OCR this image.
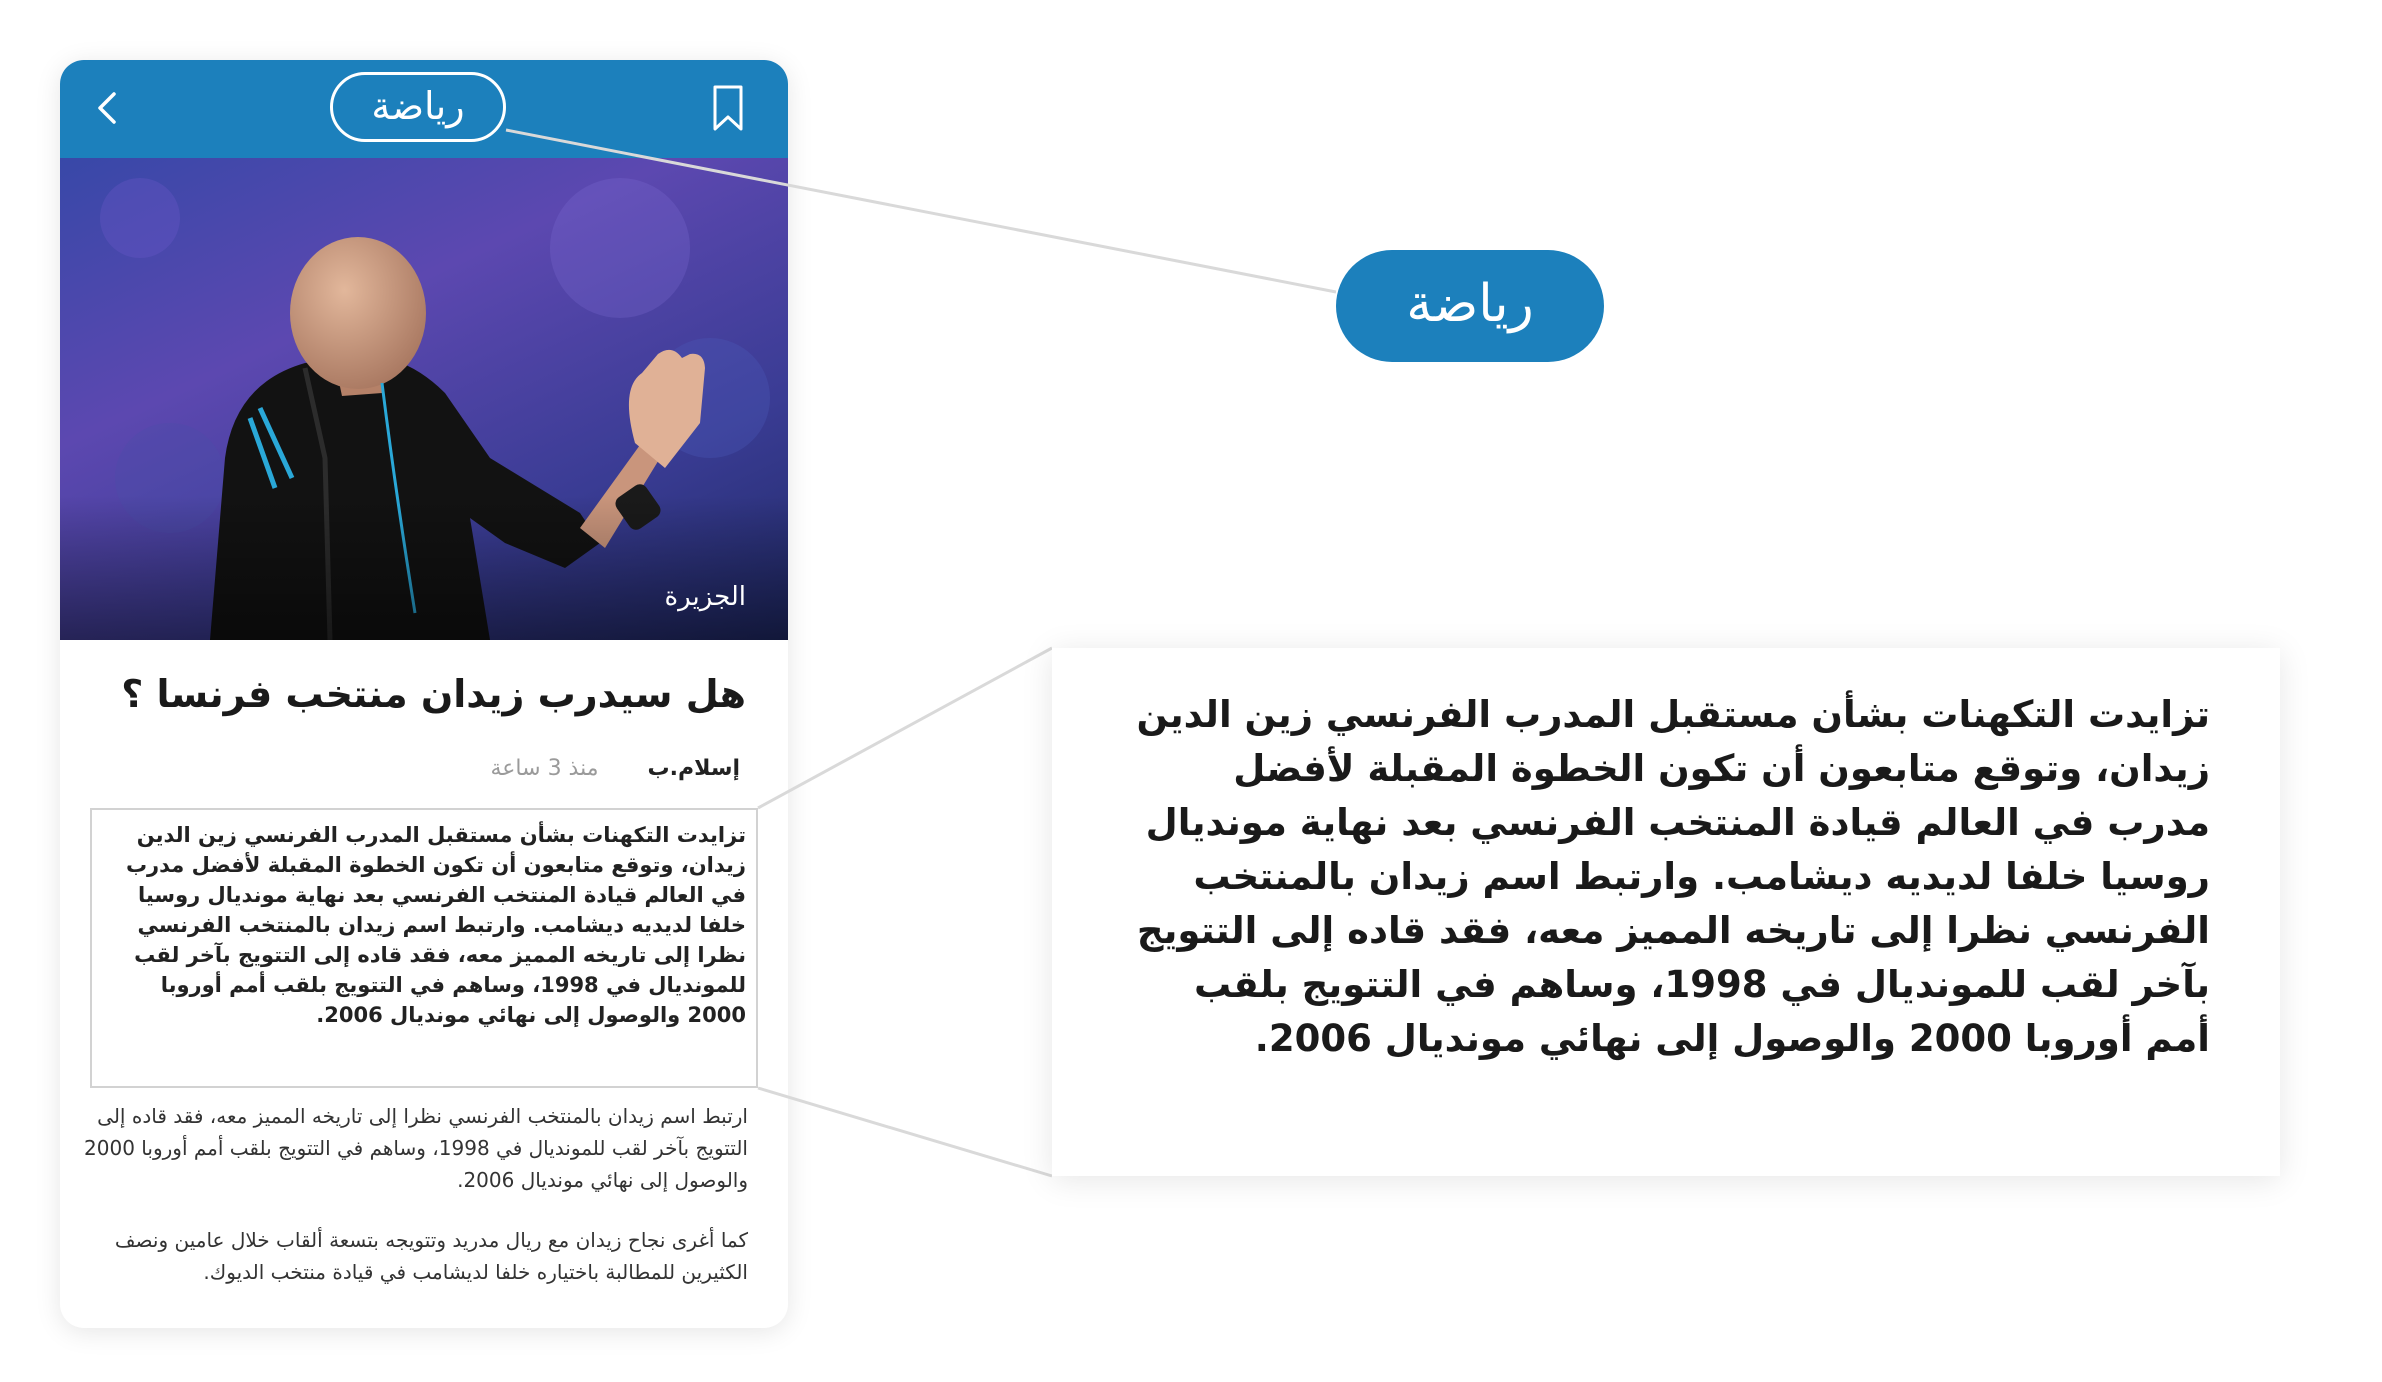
رياضة
الجزيرة
هل سيدرب زيدان منتخب فرنسا ؟
إسلام.ب منذ 3 ساعة

تزايدت التكهنات بشأن مستقبل المدرب الفرنسي زين الدين زيدان، وتوقع متابعون أن تكون الخطوة المقبلة لأفضل مدرب في العالم قيادة المنتخب الفرنسي بعد نهاية مونديال روسيا خلفا لديديه ديشامب. وارتبط اسم زيدان بالمنتخب الفرنسي نظرا إلى تاريخه المميز معه، فقد قاده إلى التتويج بآخر لقب للمونديال في 1998، وساهم في التتويج بلقب أمم أوروبا 2000 والوصول إلى نهائي مونديال 2006.

ارتبط اسم زيدان بالمنتخب الفرنسي نظرا إلى تاريخه المميز معه، فقد قاده إلى التتويج بآخر لقب للمونديال في 1998، وساهم في التتويج بلقب أمم أوروبا 2000 والوصول إلى نهائي مونديال 2006.

كما أغرى نجاح زيدان مع ريال مدريد وتتويجه بتسعة ألقاب خلال عامين ونصف الكثيرين للمطالبة باختياره خلفا لديشامب في قيادة منتخب الديوك.

رياضة

تزايدت التكهنات بشأن مستقبل المدرب الفرنسي زين الدين زيدان، وتوقع متابعون أن تكون الخطوة المقبلة لأفضل مدرب في العالم قيادة المنتخب الفرنسي بعد نهاية مونديال روسيا خلفا لديديه ديشامب. وارتبط اسم زيدان بالمنتخب الفرنسي نظرا إلى تاريخه المميز معه، فقد قاده إلى التتويج بآخر لقب للمونديال في 1998، وساهم في التتويج بلقب أمم أوروبا 2000 والوصول إلى نهائي مونديال 2006.
